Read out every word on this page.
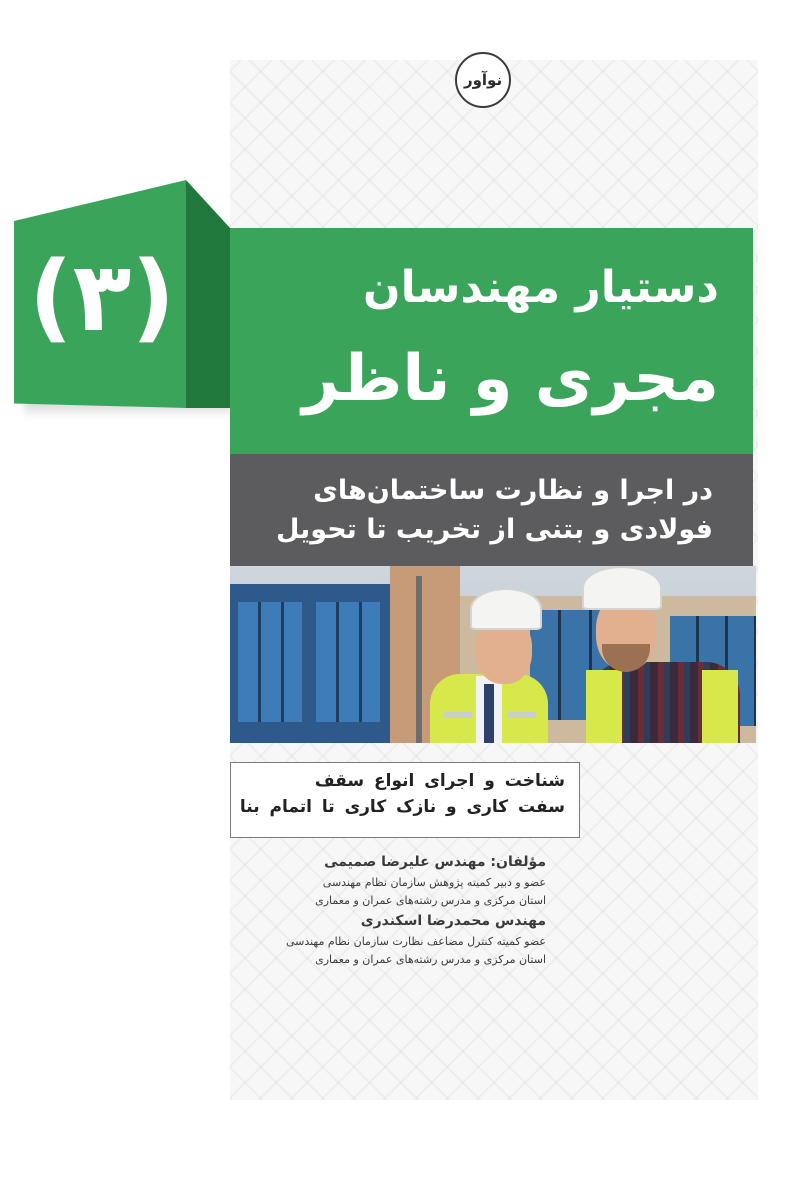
نوآور
(٣)	دستیار مهندسان
مجری و ناظر
در اجرا و نظارت ساختمان‌های
فولادی و بتنی از تخریب تا تحویل
شناخت و اجرای انواع سقف
سفت کاری و نازک کاری تا اتمام بنا
مؤلفان: مهندس علیرضا صمیمی
عضو و دبیر کمیته پژوهش سازمان نظام مهندسی
استان مرکزی و مدرس رشته‌های عمران و معماری
مهندس محمدرضا اسکندری
عضو کمیته کنترل مضاعف نظارت سازمان نظام مهندسی
استان مرکزی و مدرس رشته‌های عمران و معماری
